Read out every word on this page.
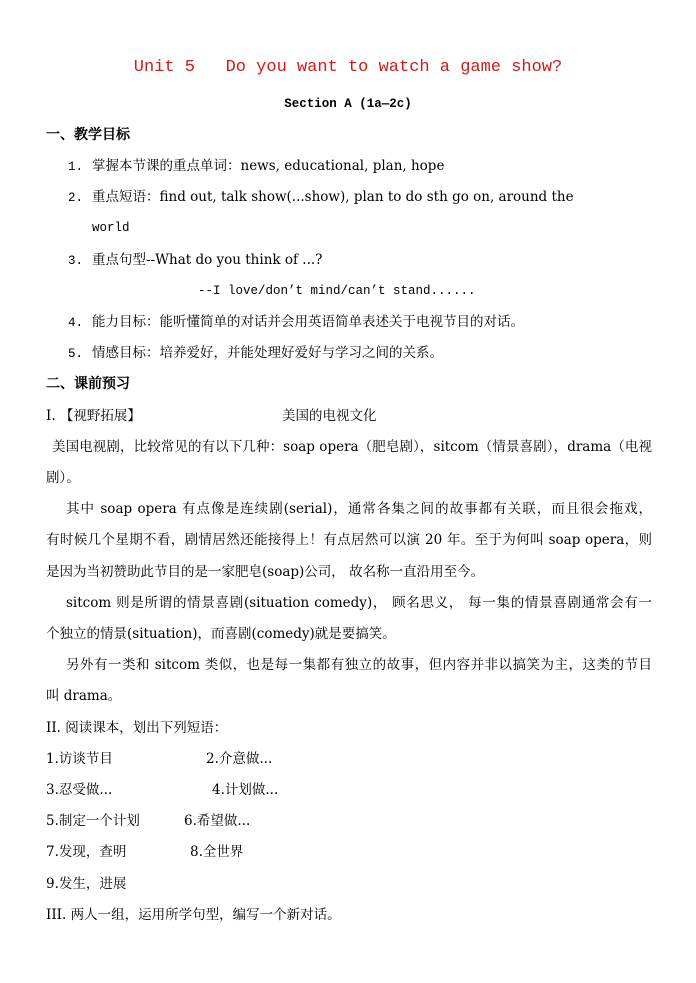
Unit 5   Do you want to watch a game show?
Section A (1a—2c)
一、教学目标
1. 掌握本节课的重点单词：news, educational, plan, hope
2. 重点短语：find out, talk show(...show), plan to do sth go on, around the
world
3. 重点句型--What do you think of ...?
--I love/don’t mind/can’t stand......
4. 能力目标：能听懂简单的对话并会用英语简单表述关于电视节目的对话。
5. 情感目标：培养爱好，并能处理好爱好与学习之间的关系。
二、课前预习
I. 【视野拓展】	美国的电视文化
美国电视剧，比较常见的有以下几种：soap opera（肥皂剧），sitcom（情景喜剧），drama（电视
剧）。
其中 soap opera 有点像是连续剧(serial)，通常各集之间的故事都有关联，而且很会拖戏，
有时候几个星期不看，剧情居然还能接得上！有点居然可以演 20 年。至于为何叫 soap opera，则
是因为当初赞助此节目的是一家肥皂(soap)公司， 故名称一直沿用至今。
sitcom 则是所谓的情景喜剧(situation comedy)， 顾名思义， 每一集的情景喜剧通常会有一
个独立的情景(situation)，而喜剧(comedy)就是要搞笑。
另外有一类和 sitcom 类似，也是每一集都有独立的故事，但内容并非以搞笑为主，这类的节目
叫 drama。
II. 阅读课本，划出下列短语：
1.访谈节目	2.介意做...
3.忍受做...	4.计划做...
5.制定一个计划	6.希望做...
7.发现，查明	8.全世界
9.发生，进展
III. 两人一组，运用所学句型，编写一个新对话。
